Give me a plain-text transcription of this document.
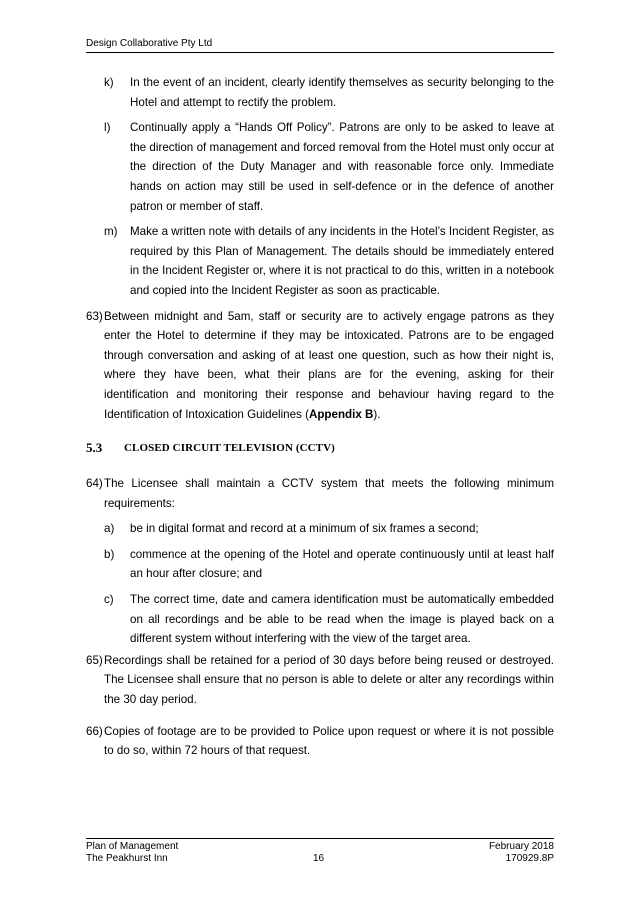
Design Collaborative Pty Ltd

k) In the event of an incident, clearly identify themselves as security belonging to the Hotel and attempt to rectify the problem.

l) Continually apply a “Hands Off Policy”. Patrons are only to be asked to leave at the direction of management and forced removal from the Hotel must only occur at the direction of the Duty Manager and with reasonable force only. Immediate hands on action may still be used in self-defence or in the defence of another patron or member of staff.

m) Make a written note with details of any incidents in the Hotel’s Incident Register, as required by this Plan of Management. The details should be immediately entered in the Incident Register or, where it is not practical to do this, written in a notebook and copied into the Incident Register as soon as practicable.

63) Between midnight and 5am, staff or security are to actively engage patrons as they enter the Hotel to determine if they may be intoxicated. Patrons are to be engaged through conversation and asking of at least one question, such as how their night is, where they have been, what their plans are for the evening, asking for their identification and monitoring their response and behaviour having regard to the Identification of Intoxication Guidelines (Appendix B).

5.3 CLOSED CIRCUIT TELEVISION (CCTV)

64) The Licensee shall maintain a CCTV system that meets the following minimum requirements:

a) be in digital format and record at a minimum of six frames a second;

b) commence at the opening of the Hotel and operate continuously until at least half an hour after closure; and

c) The correct time, date and camera identification must be automatically embedded on all recordings and be able to be read when the image is played back on a different system without interfering with the view of the target area.

65) Recordings shall be retained for a period of 30 days before being reused or destroyed. The Licensee shall ensure that no person is able to delete or alter any recordings within the 30 day period.

66) Copies of footage are to be provided to Police upon request or where it is not possible to do so, within 72 hours of that request.

Plan of Management
The Peakhurst Inn	16
February 2018
170929.8P
